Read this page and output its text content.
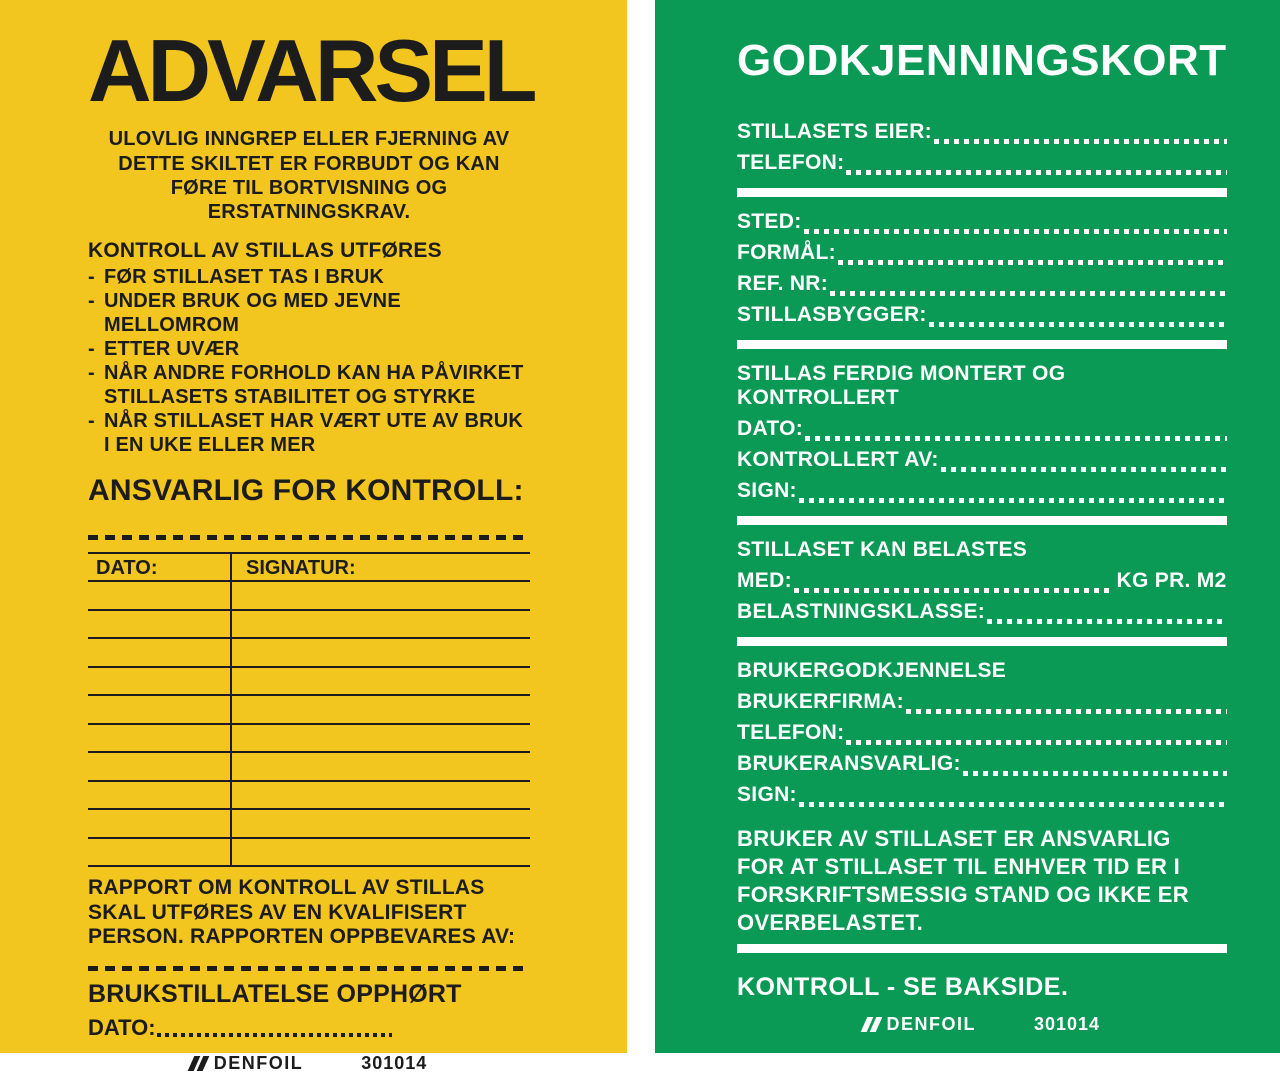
ADVARSEL

ULOVLIG INNGREP ELLER FJERNING AV DETTE SKILTET ER FORBUDT OG KAN FØRE TIL BORTVISNING OG ERSTATNINGSKRAV.

KONTROLL AV STILLAS UTFØRES
- FØR STILLASET TAS I BRUK
- UNDER BRUK OG MED JEVNE MELLOMROM
- ETTER UVÆR
- NÅR ANDRE FORHOLD KAN HA PÅVIRKET STILLASETS STABILITET OG STYRKE
- NÅR STILLASET HAR VÆRT UTE AV BRUK I EN UKE ELLER MER
ANSVARLIG FOR KONTROLL:
DATO:	SIGNATUR:

RAPPORT OM KONTROLL AV STILLAS SKAL UTFØRES AV EN KVALIFISERT PERSON. RAPPORTEN OPPBEVARES AV:

BRUKSTILLATELSE OPPHØRT
DATO:
DENFOIL	301014
GODKJENNINGSKORT
STILLASETS EIER:
TELEFON:
STED:
FORMÅL:
REF. NR:
STILLASBYGGER:
STILLAS FERDIG MONTERT OG KONTROLLERT
DATO:
KONTROLLERT AV:
SIGN:
STILLASET KAN BELASTES
MED:	KG PR. M2
BELASTNINGSKLASSE:
BRUKERGODKJENNELSE
BRUKERFIRMA:
TELEFON:
BRUKERANSVARLIG:
SIGN:

BRUKER AV STILLASET ER ANSVARLIG FOR AT STILLASET TIL ENHVER TID ER I FORSKRIFTSMESSIG STAND OG IKKE ER OVERBELASTET.

KONTROLL - SE BAKSIDE.
DENFOIL	301014
